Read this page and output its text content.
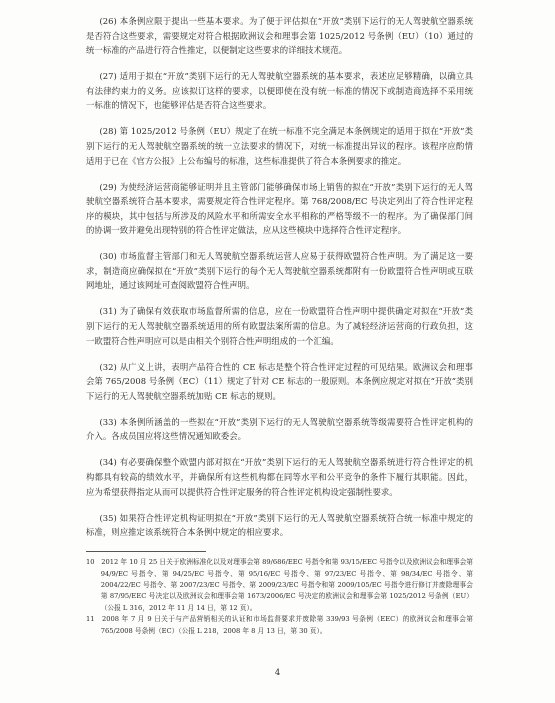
(26) 本条例应限于提出一些基本要求。为了便于评估拟在“开放”类别下运行的无人驾驶航空器系统是否符合这些要求，需要规定对符合根据欧洲议会和理事会第 1025/2012 号条例（EU）（10）通过的统一标准的产品进行符合性推定，以便制定这些要求的详细技术规范。

(27) 适用于拟在“开放”类别下运行的无人驾驶航空器系统的基本要求，表述应足够精确，以确立具有法律约束力的义务。应该拟订这样的要求，以便即使在没有统一标准的情况下或制造商选择不采用统一标准的情况下，也能够评估是否符合这些要求。

(28) 第 1025/2012 号条例（EU）规定了在统一标准不完全满足本条例规定的适用于拟在“开放”类别下运行的无人驾驶航空器系统的统一立法要求的情况下，对统一标准提出异议的程序。该程序应酌情适用于已在《官方公报》上公布编号的标准，这些标准提供了符合本条例要求的推定。

(29) 为使经济运营商能够证明并且主管部门能够确保市场上销售的拟在“开放”类别下运行的无人驾驶航空器系统符合基本要求，需要规定符合性评定程序。第 768/2008/EC 号决定列出了符合性评定程序的模块，其中包括与所涉及的风险水平和所需安全水平相称的严格等级不一的程序。为了确保部门间的协调一致并避免出现特别的符合性评定做法，应从这些模块中选择符合性评定程序。

(30) 市场监督主管部门和无人驾驶航空器系统运营人应易于获得欧盟符合性声明。为了满足这一要求，制造商应确保拟在“开放”类别下运行的每个无人驾驶航空器系统都附有一份欧盟符合性声明或互联网地址，通过该网址可查阅欧盟符合性声明。

(31) 为了确保有效获取市场监督所需的信息，应在一份欧盟符合性声明中提供确定对拟在“开放”类别下运行的无人驾驶航空器系统适用的所有欧盟法案所需的信息。为了减轻经济运营商的行政负担，这一欧盟符合性声明应可以是由相关个别符合性声明组成的一个汇编。

(32) 从广义上讲，表明产品符合性的 CE 标志是整个符合性评定过程的可见结果。欧洲议会和理事会第 765/2008 号条例（EC）（11）规定了针对 CE 标志的一般原则。本条例应规定对拟在“开放”类别下运行的无人驾驶航空器系统加贴 CE 标志的规则。

(33) 本条例所涵盖的一些拟在“开放”类别下运行的无人驾驶航空器系统等级需要符合性评定机构的介入。各成员国应将这些情况通知欧委会。

(34) 有必要确保整个欧盟内部对拟在“开放”类别下运行的无人驾驶航空器系统进行符合性评定的机构都具有较高的绩效水平，并确保所有这些机构都在同等水平和公平竞争的条件下履行其职能。因此，应为希望获得指定从而可以提供符合性评定服务的符合性评定机构设定强制性要求。

(35) 如果符合性评定机构证明拟在“开放”类别下运行的无人驾驶航空器系统符合统一标准中规定的标准，则应推定该系统符合本条例中规定的相应要求。

10　2012 年 10 月 25 日关于欧洲标准化以及对理事会第 89/686/EEC 号指令和第 93/15/EEC 号指令以及欧洲议会和理事会第 94/9/EC 号指令、第 94/25/EC 号指令、第 95/16/EC 号指令、第 97/23/EC 号指令、第 98/34/EC 号指令、第 2004/22/EC 号指令、第 2007/23/EC 号指令、第 2009/23/EC 号指令和第 2009/105/EC 号指令进行修订并废除理事会第 87/95/EEC 号决定以及欧洲议会和理事会第 1673/2006/EC 号决定的欧洲议会和理事会第 1025/2012 号条例（EU）（公报 L 316，2012 年 11 月 14 日，第 12 页）。

11　2008 年 7 月 9 日关于与产品营销相关的认证和市场监督要求并废除第 339/93 号条例（EEC）的欧洲议会和理事会第 765/2008 号条例（EC）（公报 L 218，2008 年 8 月 13 日，第 30 页）。

4
